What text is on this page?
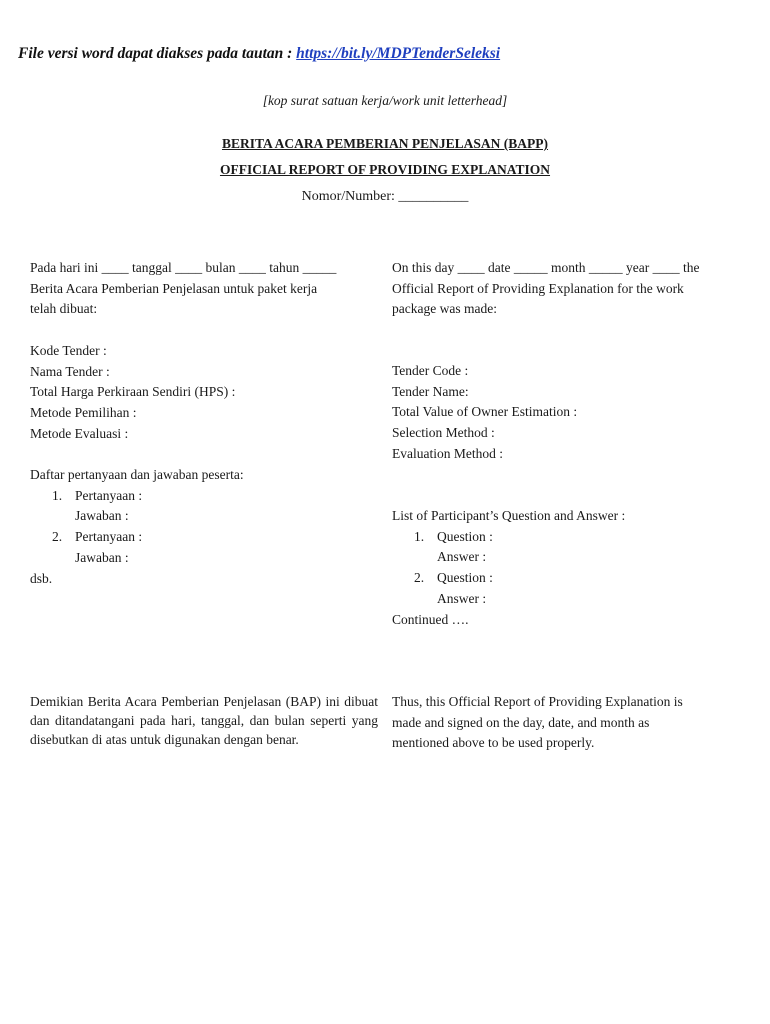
File versi word dapat diakses pada tautan : https://bit.ly/MDPTenderSeleksi
[kop surat satuan kerja/work unit letterhead]
BERITA ACARA PEMBERIAN PENJELASAN (BAPP)
OFFICIAL REPORT OF PROVIDING EXPLANATION
Nomor/Number: __________
Pada hari ini ____ tanggal ____ bulan ____ tahun _____
Berita Acara Pemberian Penjelasan untuk paket kerja
telah dibuat:
On this day ____ date _____ month _____ year ____ the
Official Report of Providing Explanation for the work
package was made:
Kode Tender :
Nama Tender :
Total Harga Perkiraan Sendiri (HPS) :
Metode Pemilihan :
Metode Evaluasi :
Tender Code :
Tender Name:
Total Value of Owner Estimation :
Selection Method :
Evaluation Method :
Daftar pertanyaan dan jawaban peserta:
1. Pertanyaan :
Jawaban :
2. Pertanyaan :
Jawaban :
dsb.
List of Participant’s Question and Answer :
1. Question :
Answer :
2. Question :
Answer :
Continued ….
Demikian Berita Acara Pemberian Penjelasan (BAP) ini dibuat dan ditandatangani pada hari, tanggal, dan bulan seperti yang disebutkan di atas untuk digunakan dengan benar.
Thus, this Official Report of Providing Explanation is
made and signed on the day, date, and month as
mentioned above to be used properly.
